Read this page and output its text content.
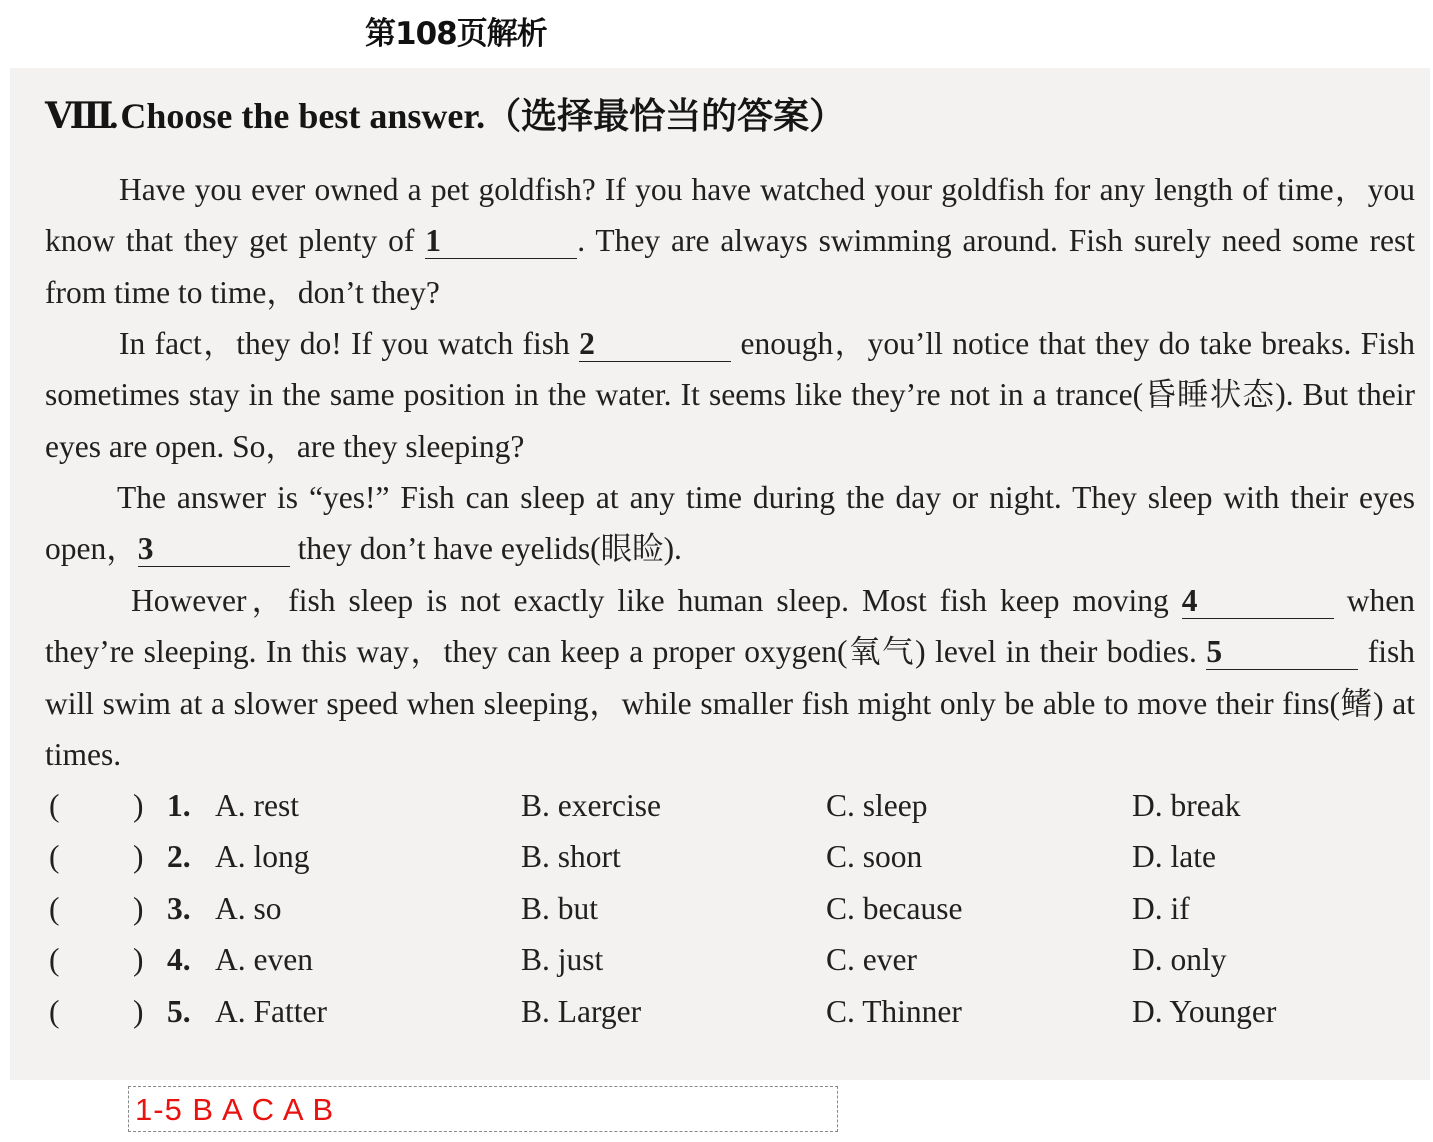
第108页解析
Ⅷ. Choose the best answer.（选择最恰当的答案）

Have you ever owned a pet goldfish? If you have watched your goldfish for any length of time，you know that they get plenty of 1	. They are always swimming around. Fish surely need some rest from time to time，don’t they?

In fact，they do! If you watch fish 2	enough，you’ll notice that they do take breaks. Fish sometimes stay in the same position in the water. It seems like they’re not in a trance(昏睡状态). But their eyes are open. So，are they sleeping?

The answer is “yes!” Fish can sleep at any time during the day or night. They sleep with their eyes open，3	they don’t have eyelids(眼睑).

However，fish sleep is not exactly like human sleep. Most fish keep moving 4	when they’re sleeping. In this way，they can keep a proper oxygen(氧气) level in their bodies. 5	fish will swim at a slower speed when sleeping，while smaller fish might only be able to move their fins(鳍) at times.

( ) 1. A. rest	B. exercise	C. sleep	D. break
( ) 2. A. long	B. short	C. soon	D. late
( ) 3. A. so	B. but	C. because	D. if
( ) 4. A. even	B. just	C. ever	D. only
( ) 5. A. Fatter	B. Larger	C. Thinner	D. Younger
1-5 B A C A B
